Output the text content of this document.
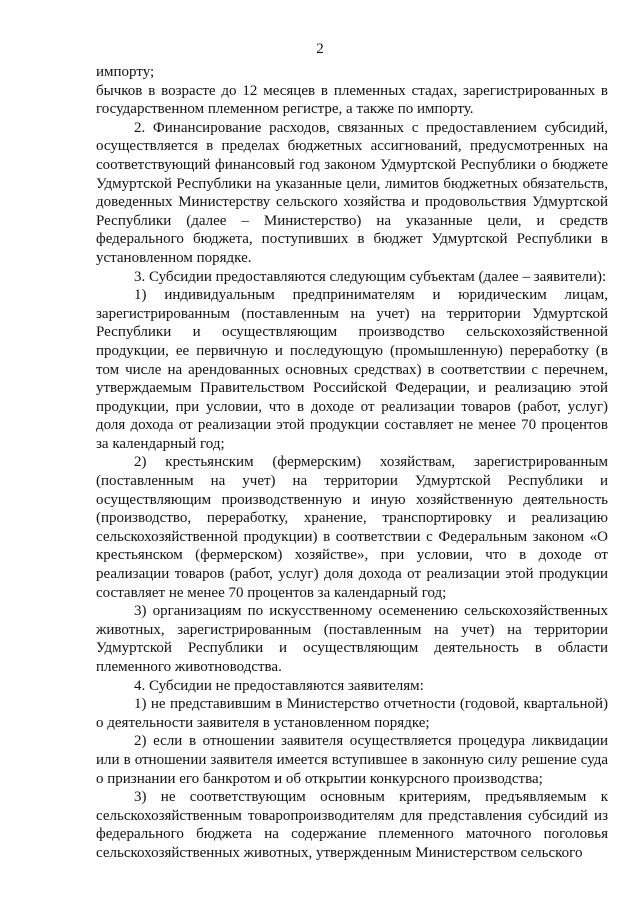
2

импорту;

бычков в возрасте до 12 месяцев в племенных стадах, зарегистрированных в государственном племенном регистре, а также по импорту.

2. Финансирование расходов, связанных с предоставлением субсидий, осуществляется в пределах бюджетных ассигнований, предусмотренных на соответствующий финансовый год законом Удмуртской Республики о бюджете Удмуртской Республики на указанные цели, лимитов бюджетных обязательств, доведенных Министерству сельского хозяйства и продовольствия Удмуртской Республики (далее – Министерство) на указанные цели, и средств федерального бюджета, поступивших в бюджет Удмуртской Республики в установленном порядке.

3. Субсидии предоставляются следующим субъектам (далее – заявители):

1) индивидуальным предпринимателям и юридическим лицам, зарегистрированным (поставленным на учет) на территории Удмуртской Республики и осуществляющим производство сельскохозяйственной продукции, ее первичную и последующую (промышленную) переработку (в том числе на арендованных основных средствах) в соответствии с перечнем, утверждаемым Правительством Российской Федерации, и реализацию этой продукции, при условии, что в доходе от реализации товаров (работ, услуг) доля дохода от реализации этой продукции составляет не менее 70 процентов за календарный год;

2) крестьянским (фермерским) хозяйствам, зарегистрированным (поставленным на учет) на территории Удмуртской Республики и осуществляющим производственную и иную хозяйственную деятельность (производство, переработку, хранение, транспортировку и реализацию сельскохозяйственной продукции) в соответствии с Федеральным законом «О крестьянском (фермерском) хозяйстве», при условии, что в доходе от реализации товаров (работ, услуг) доля дохода от реализации этой продукции составляет не менее 70 процентов за календарный год;

3) организациям по искусственному осеменению сельскохозяйственных животных, зарегистрированным (поставленным на учет) на территории Удмуртской Республики и осуществляющим деятельность в области племенного животноводства.

4. Субсидии не предоставляются заявителям:

1) не представившим в Министерство отчетности (годовой, квартальной) о деятельности заявителя в установленном порядке;

2) если в отношении заявителя осуществляется процедура ликвидации или в отношении заявителя имеется вступившее в законную силу решение суда о признании его банкротом и об открытии конкурсного производства;

3) не соответствующим основным критериям, предъявляемым к сельскохозяйственным товаропроизводителям для представления субсидий из федерального бюджета на содержание племенного маточного поголовья сельскохозяйственных животных, утвержденным Министерством сельского
